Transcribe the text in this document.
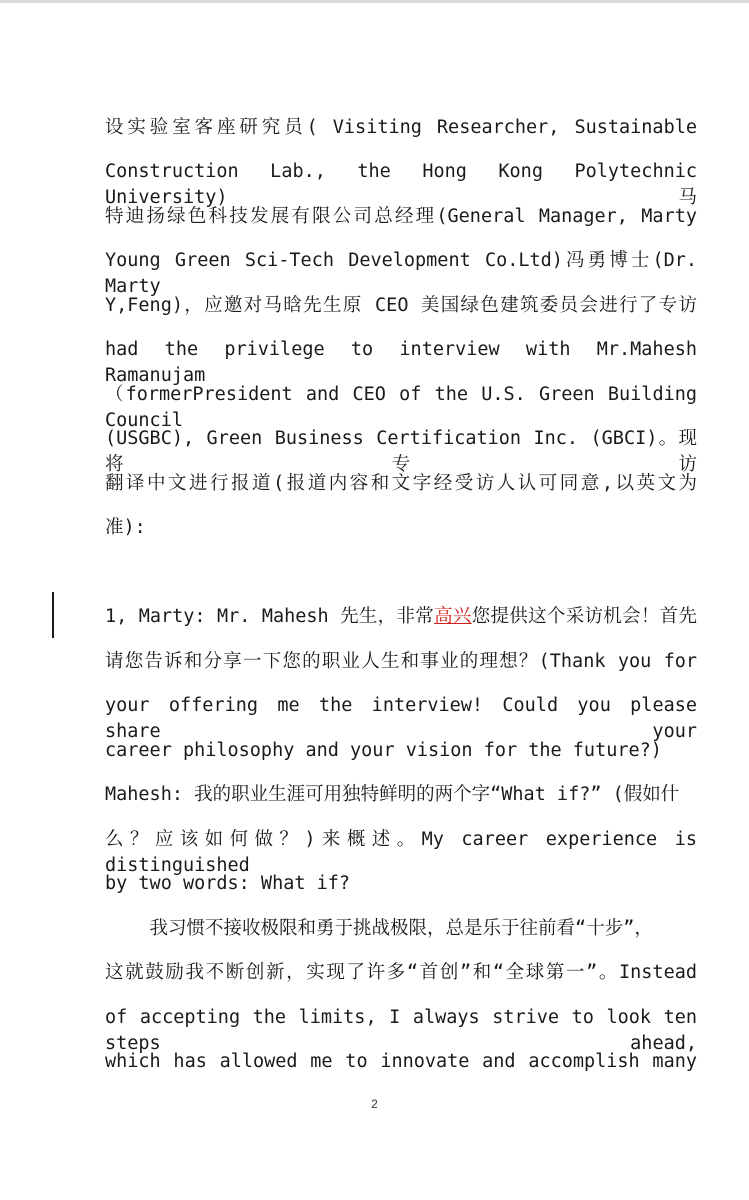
设实验室客座研究员( Visiting Researcher, Sustainable
Construction Lab., the Hong Kong Polytechnic University) 马
特迪扬绿色科技发展有限公司总经理(General Manager, Marty
Young Green Sci-Tech Development Co.Ltd)冯勇博士(Dr. Marty
Y,Feng)，应邀对马晗先生原 CEO 美国绿色建筑委员会进行了专访
had the privilege to interview with Mr.Mahesh Ramanujam
（formerPresident and CEO of the U.S. Green Building Council
(USGBC), Green Business Certification Inc. (GBCI)。现将专访
翻译中文进行报道(报道内容和文字经受访人认可同意,以英文为
准):
1, Marty: Mr. Mahesh 先生，非常高兴您提供这个采访机会！首先
请您告诉和分享一下您的职业人生和事业的理想？(Thank you for
your offering me the interview! Could you please share your
career philosophy and your vision for the future?)
Mahesh: 我的职业生涯可用独特鲜明的两个字“What if?” (假如什
么？应该如何做？)来概述。My career experience is distinguished
by two words: What if?
我习惯不接收极限和勇于挑战极限，总是乐于往前看“十步”，
这就鼓励我不断创新，实现了许多“首创”和“全球第一”。Instead
of accepting the limits, I always strive to look ten steps ahead,
which has allowed me to innovate and accomplish many
2
